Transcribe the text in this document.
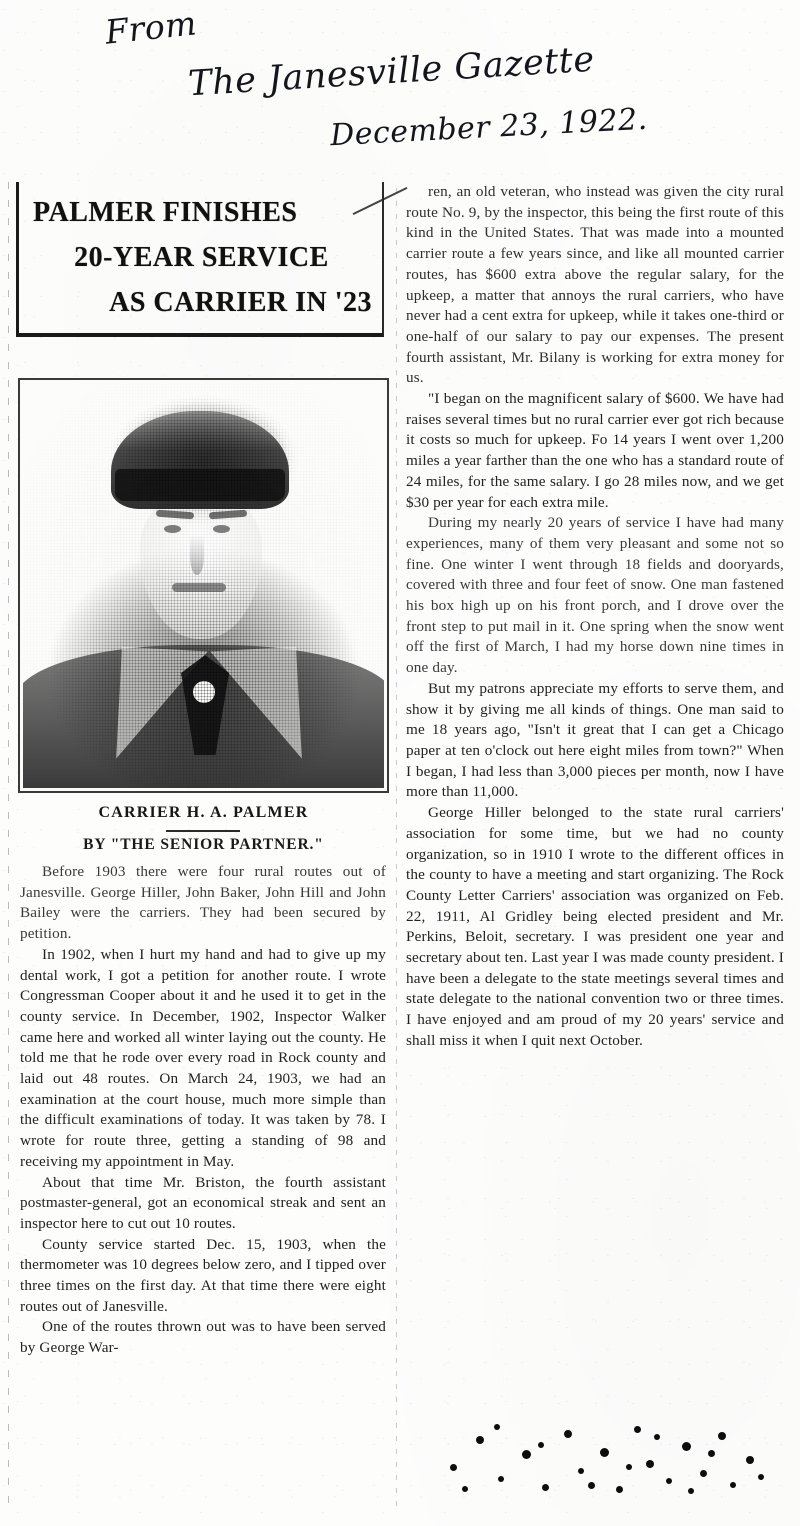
From
The Janesville Gazette
December 23, 1922.
PALMER FINISHES
20-YEAR SERVICE
AS CARRIER IN '23
CARRIER H. A. PALMER
BY "THE SENIOR PARTNER."

Before 1903 there were four rural routes out of Janesville. George Hiller, John Baker, John Hill and John Bailey were the carriers. They had been secured by petition.

In 1902, when I hurt my hand and had to give up my dental work, I got a petition for another route. I wrote Congressman Cooper about it and he used it to get in the county service. In December, 1902, Inspector Walker came here and worked all winter laying out the county. He told me that he rode over every road in Rock county and laid out 48 routes. On March 24, 1903, we had an examination at the court house, much more simple than the difficult examinations of today. It was taken by 78. I wrote for route three, getting a standing of 98 and receiving my appointment in May.

About that time Mr. Briston, the fourth assistant postmaster-general, got an economical streak and sent an inspector here to cut out 10 routes.

County service started Dec. 15, 1903, when the thermometer was 10 degrees below zero, and I tipped over three times on the first day. At that time there were eight routes out of Janesville.

One of the routes thrown out was to have been served by George War-

ren, an old veteran, who instead was given the city rural route No. 9, by the inspector, this being the first route of this kind in the United States. That was made into a mounted carrier route a few years since, and like all mounted carrier routes, has $600 extra above the regular salary, for the upkeep, a matter that annoys the rural carriers, who have never had a cent extra for upkeep, while it takes one-third or one-half of our salary to pay our expenses. The present fourth assistant, Mr. Bilany is working for extra money for us.

"I began on the magnificent salary of $600. We have had raises several times but no rural carrier ever got rich because it costs so much for upkeep. Fo 14 years I went over 1,200 miles a year farther than the one who has a standard route of 24 miles, for the same salary. I go 28 miles now, and we get $30 per year for each extra mile.

During my nearly 20 years of service I have had many experiences, many of them very pleasant and some not so fine. One winter I went through 18 fields and dooryards, covered with three and four feet of snow. One man fastened his box high up on his front porch, and I drove over the front step to put mail in it. One spring when the snow went off the first of March, I had my horse down nine times in one day.

But my patrons appreciate my efforts to serve them, and show it by giving me all kinds of things. One man said to me 18 years ago, "Isn't it great that I can get a Chicago paper at ten o'clock out here eight miles from town?" When I began, I had less than 3,000 pieces per month, now I have more than 11,000.

George Hiller belonged to the state rural carriers' association for some time, but we had no county organization, so in 1910 I wrote to the different offices in the county to have a meeting and start organizing. The Rock County Letter Carriers' association was organized on Feb. 22, 1911, Al Gridley being elected president and Mr. Perkins, Beloit, secretary. I was president one year and secretary about ten. Last year I was made county president. I have been a delegate to the state meetings several times and state delegate to the national convention two or three times. I have enjoyed and am proud of my 20 years' service and shall miss it when I quit next October.
